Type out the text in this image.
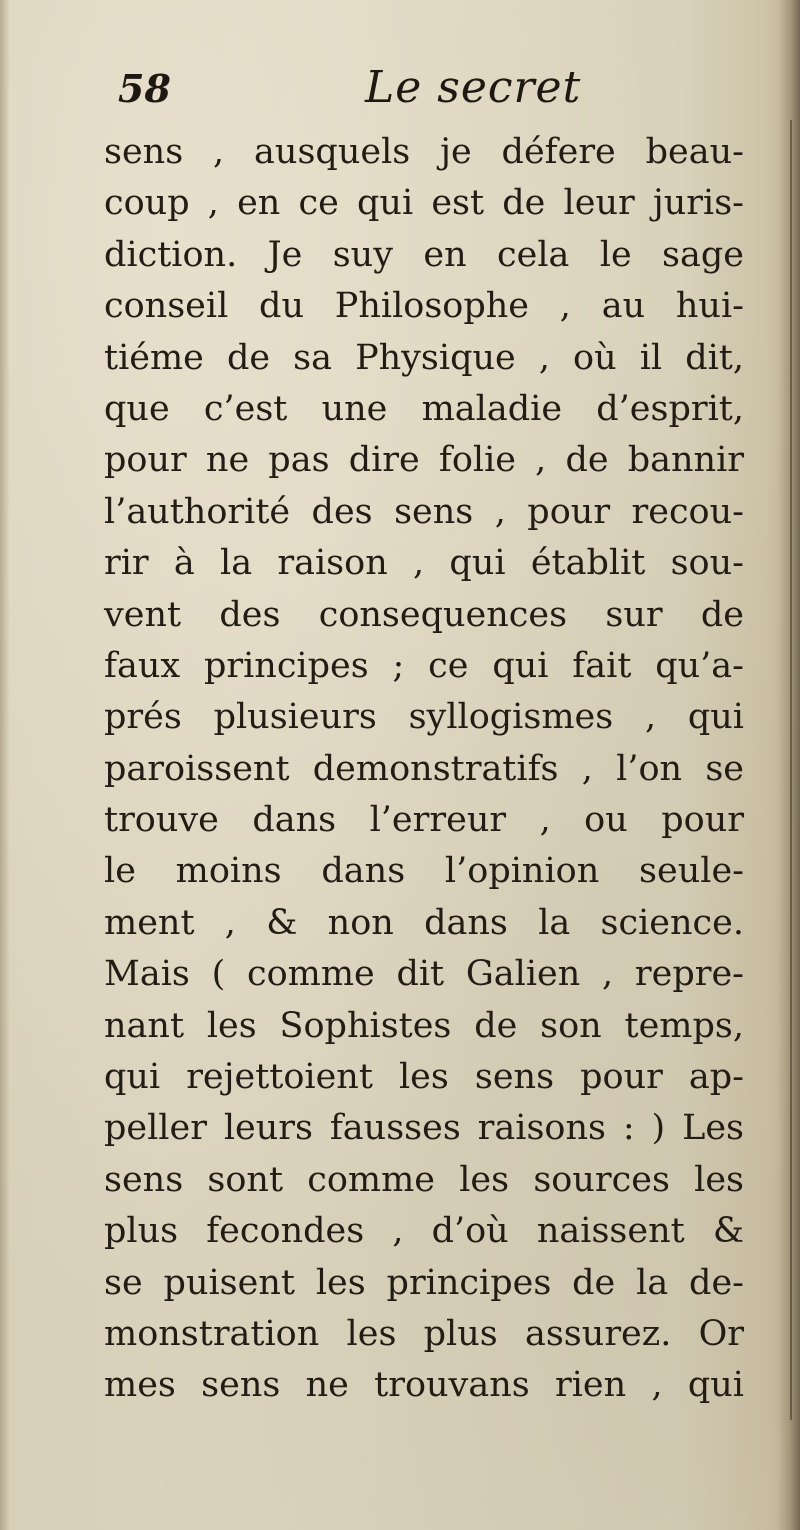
58	Le secret
sens , ausquels je défere beau-
coup , en ce qui est de leur juris-
diction. Je suy en cela le sage
conseil du Philosophe , au hui-
tiéme de sa Physique , où il dit,
que c’est une maladie d’esprit,
pour ne pas dire folie , de bannir
l’authorité des sens , pour recou-
rir à la raison , qui établit sou-
vent des consequences sur de
faux principes ; ce qui fait qu’a-
prés plusieurs syllogismes , qui
paroissent demonstratifs , l’on se
trouve dans l’erreur , ou pour
le moins dans l’opinion seule-
ment , & non dans la science.
Mais ( comme dit Galien , repre-
nant les Sophistes de son temps,
qui rejettoient les sens pour ap-
peller leurs fausses raisons : ) Les
sens sont comme les sources les
plus fecondes , d’où naissent &
se puisent les principes de la de-
monstration les plus assurez. Or
mes sens ne trouvans rien , qui
